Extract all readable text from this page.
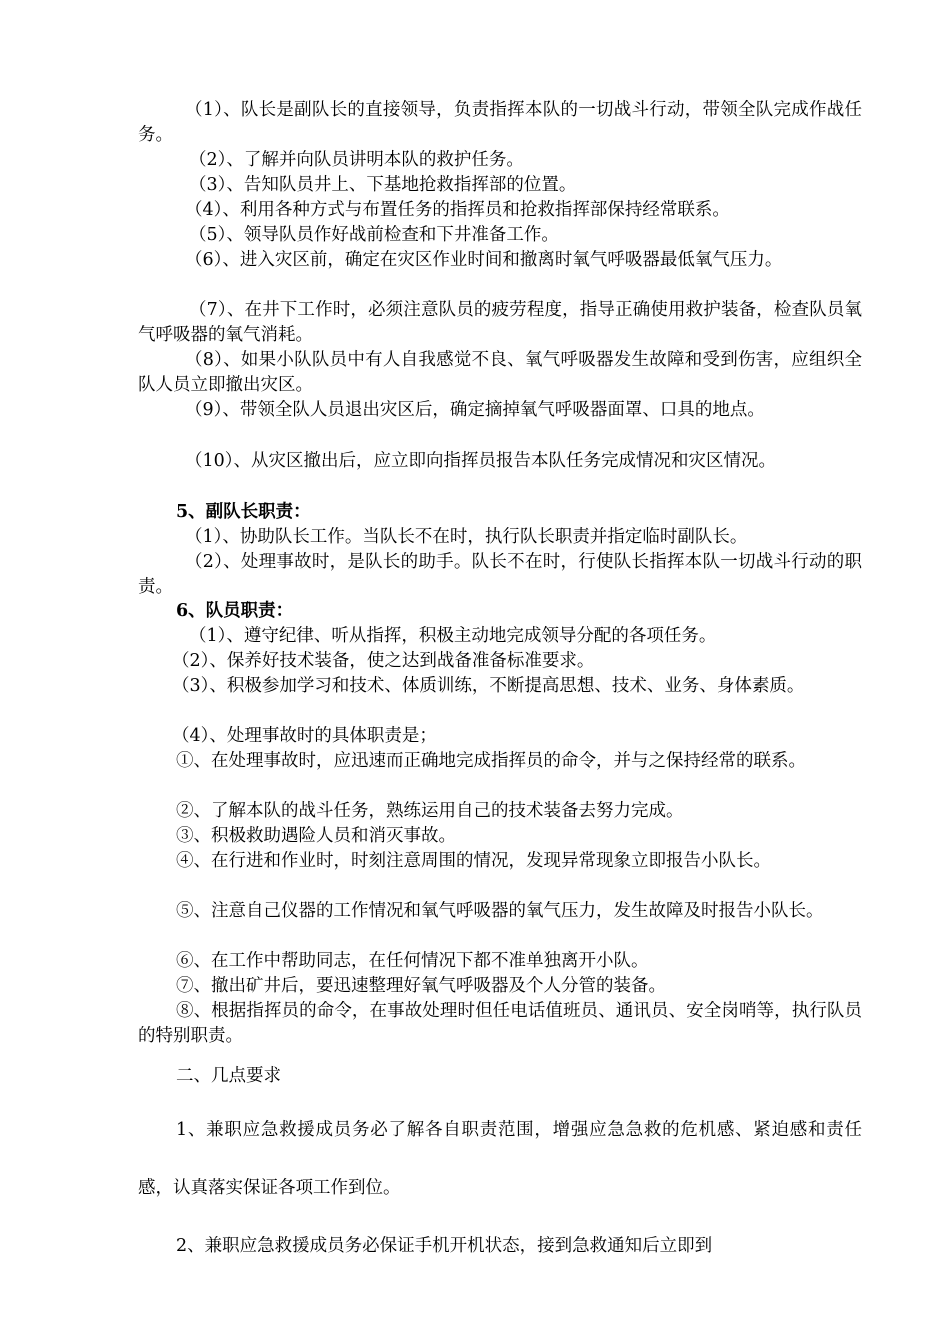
（1）、队长是副队长的直接领导，负责指挥本队的一切战斗行动，带领全队完成作战任务。

（2）、了解并向队员讲明本队的救护任务。

（3）、告知队员井上、下基地抢救指挥部的位置。

（4）、利用各种方式与布置任务的指挥员和抢救指挥部保持经常联系。

（5）、领导队员作好战前检查和下井准备工作。

（6）、进入灾区前，确定在灾区作业时间和撤离时氧气呼吸器最低氧气压力。

（7）、在井下工作时，必须注意队员的疲劳程度，指导正确使用救护装备，检查队员氧气呼吸器的氧气消耗。

（8）、如果小队队员中有人自我感觉不良、氧气呼吸器发生故障和受到伤害，应组织全队人员立即撤出灾区。

（9）、带领全队人员退出灾区后，确定摘掉氧气呼吸器面罩、口具的地点。

（10）、从灾区撤出后，应立即向指挥员报告本队任务完成情况和灾区情况。

5、副队长职责：

（1）、协助队长工作。当队长不在时，执行队长职责并指定临时副队长。

（2）、处理事故时，是队长的助手。队长不在时，行使队长指挥本队一切战斗行动的职责。

6、队员职责：

（1）、遵守纪律、听从指挥，积极主动地完成领导分配的各项任务。

（2）、保养好技术装备，使之达到战备准备标准要求。

（3）、积极参加学习和技术、体质训练，不断提高思想、技术、业务、身体素质。

（4）、处理事故时的具体职责是；

①、在处理事故时，应迅速而正确地完成指挥员的命令，并与之保持经常的联系。

②、了解本队的战斗任务，熟练运用自己的技术装备去努力完成。

③、积极救助遇险人员和消灭事故。

④、在行进和作业时，时刻注意周围的情况，发现异常现象立即报告小队长。

⑤、注意自己仪器的工作情况和氧气呼吸器的氧气压力，发生故障及时报告小队长。

⑥、在工作中帮助同志，在任何情况下都不准单独离开小队。

⑦、撤出矿井后，要迅速整理好氧气呼吸器及个人分管的装备。

⑧、根据指挥员的命令，在事故处理时但任电话值班员、通讯员、安全岗哨等，执行队员的特别职责。

二、几点要求

1、兼职应急救援成员务必了解各自职责范围，增强应急急救的危机感、紧迫感和责任感，认真落实保证各项工作到位。

2、兼职应急救援成员务必保证手机开机状态，接到急救通知后立即到
